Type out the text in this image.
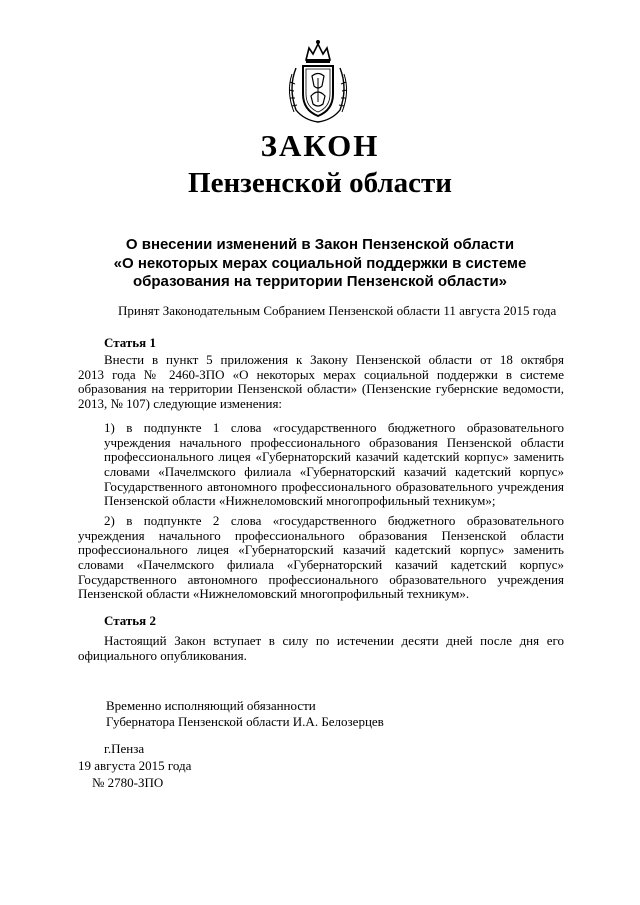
ЗАКОН
Пензенской области
О внесении изменений в Закон Пензенской области
«О некоторых мерах социальной поддержки в системе
образования на территории Пензенской области»
Принят Законодательным Собранием Пензенской области 11 августа 2015 года
Статья 1
Внести в пункт 5 приложения к Закону Пензенской области от 18 октября
2013 года № 2460-ЗПО «О некоторых мерах социальной поддержки в системе
образования на территории Пензенской области» (Пензенские губернские ведомости,
2013, № 107) следующие изменения:
1) в подпункте 1 слова «государственного бюджетного образовательного
учреждения начального профессионального образования Пензенской области
профессионального лицея «Губернаторский казачий кадетский корпус» заменить
словами «Пачелмского филиала «Губернаторский казачий кадетский корпус»
Государственного автономного профессионального образовательного учреждения
Пензенской области «Нижнеломовский многопрофильный техникум»;
2) в подпункте 2 слова «государственного бюджетного образовательного
учреждения начального профессионального образования Пензенской области
профессионального лицея «Губернаторский казачий кадетский корпус» заменить
словами «Пачелмского филиала «Губернаторский казачий кадетский корпус»
Государственного автономного профессионального образовательного учреждения
Пензенской области «Нижнеломовский многопрофильный техникум».
Статья 2
Настоящий Закон вступает в силу по истечении десяти дней после дня его
официального опубликования.
Временно исполняющий обязанности
Губернатора Пензенской области И.А. Белозерцев
г.Пенза
19 августа 2015 года
№ 2780-ЗПО
